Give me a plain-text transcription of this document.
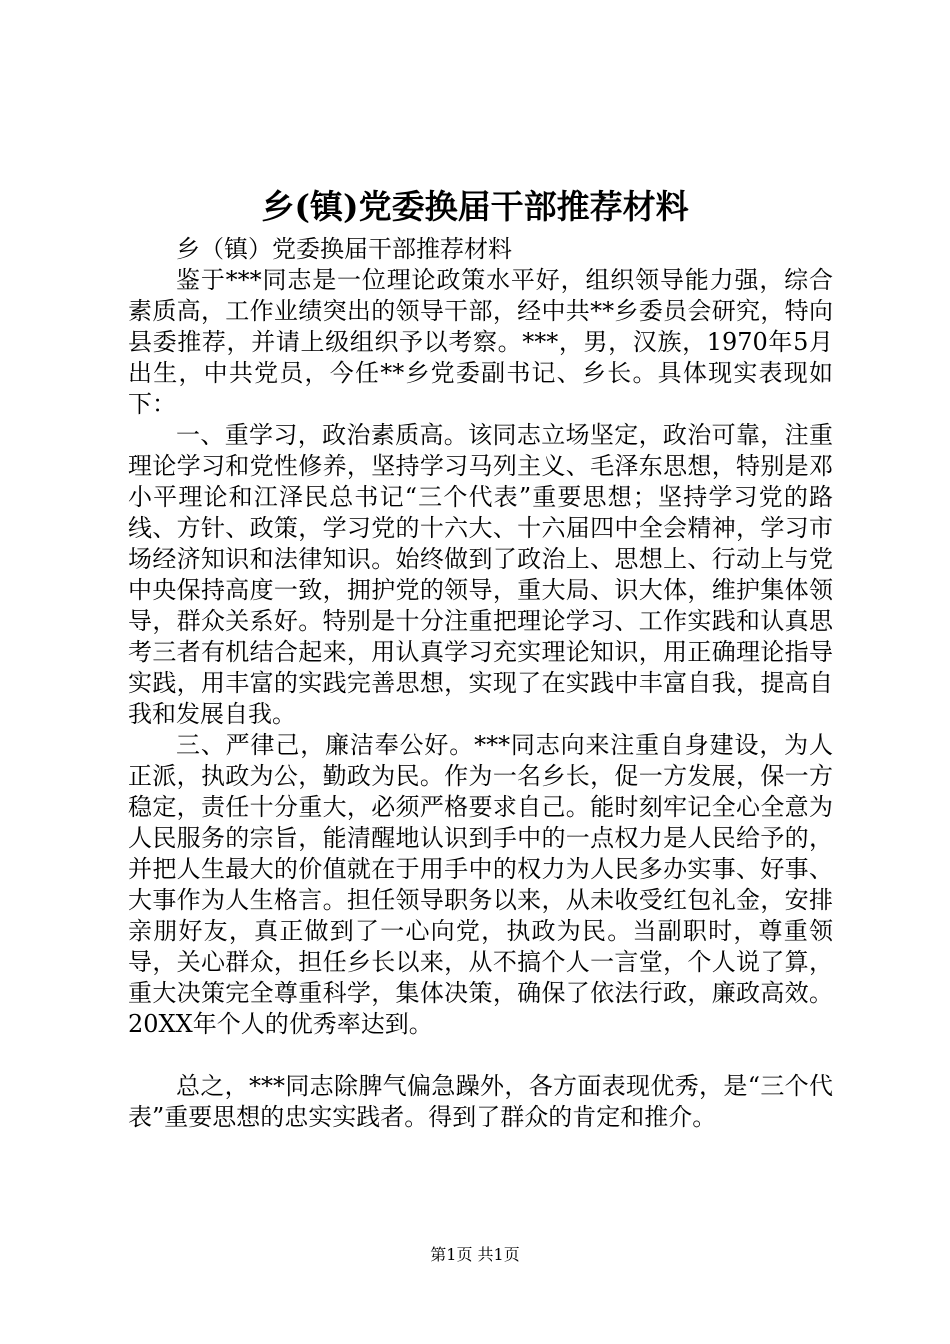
乡(镇)党委换届干部推荐材料

乡（镇）党委换届干部推荐材料

鉴于***同志是一位理论政策水平好，组织领导能力强，综合素质高，工作业绩突出的领导干部，经中共**乡委员会研究，特向县委推荐，并请上级组织予以考察。***，男，汉族，1970年5月出生，中共党员，今任**乡党委副书记、乡长。具体现实表现如下：

一、重学习，政治素质高。该同志立场坚定，政治可靠，注重理论学习和党性修养，坚持学习马列主义、毛泽东思想，特别是邓小平理论和江泽民总书记“三个代表”重要思想；坚持学习党的路线、方针、政策，学习党的十六大、十六届四中全会精神，学习市场经济知识和法律知识。始终做到了政治上、思想上、行动上与党中央保持高度一致，拥护党的领导，重大局、识大体，维护集体领导，群众关系好。特别是十分注重把理论学习、工作实践和认真思考三者有机结合起来，用认真学习充实理论知识，用正确理论指导实践，用丰富的实践完善思想，实现了在实践中丰富自我，提高自我和发展自我。

三、严律己，廉洁奉公好。***同志向来注重自身建设，为人正派，执政为公，勤政为民。作为一名乡长，促一方发展，保一方稳定，责任十分重大，必须严格要求自己。能时刻牢记全心全意为人民服务的宗旨，能清醒地认识到手中的一点权力是人民给予的，并把人生最大的价值就在于用手中的权力为人民多办实事、好事、大事作为人生格言。担任领导职务以来，从未收受红包礼金，安排亲朋好友，真正做到了一心向党，执政为民。当副职时，尊重领导，关心群众，担任乡长以来，从不搞个人一言堂，个人说了算，重大决策完全尊重科学，集体决策，确保了依法行政，廉政高效。20XX年个人的优秀率达到。

总之，***同志除脾气偏急躁外，各方面表现优秀，是“三个代表”重要思想的忠实实践者。得到了群众的肯定和推介。

第1页 共1页
